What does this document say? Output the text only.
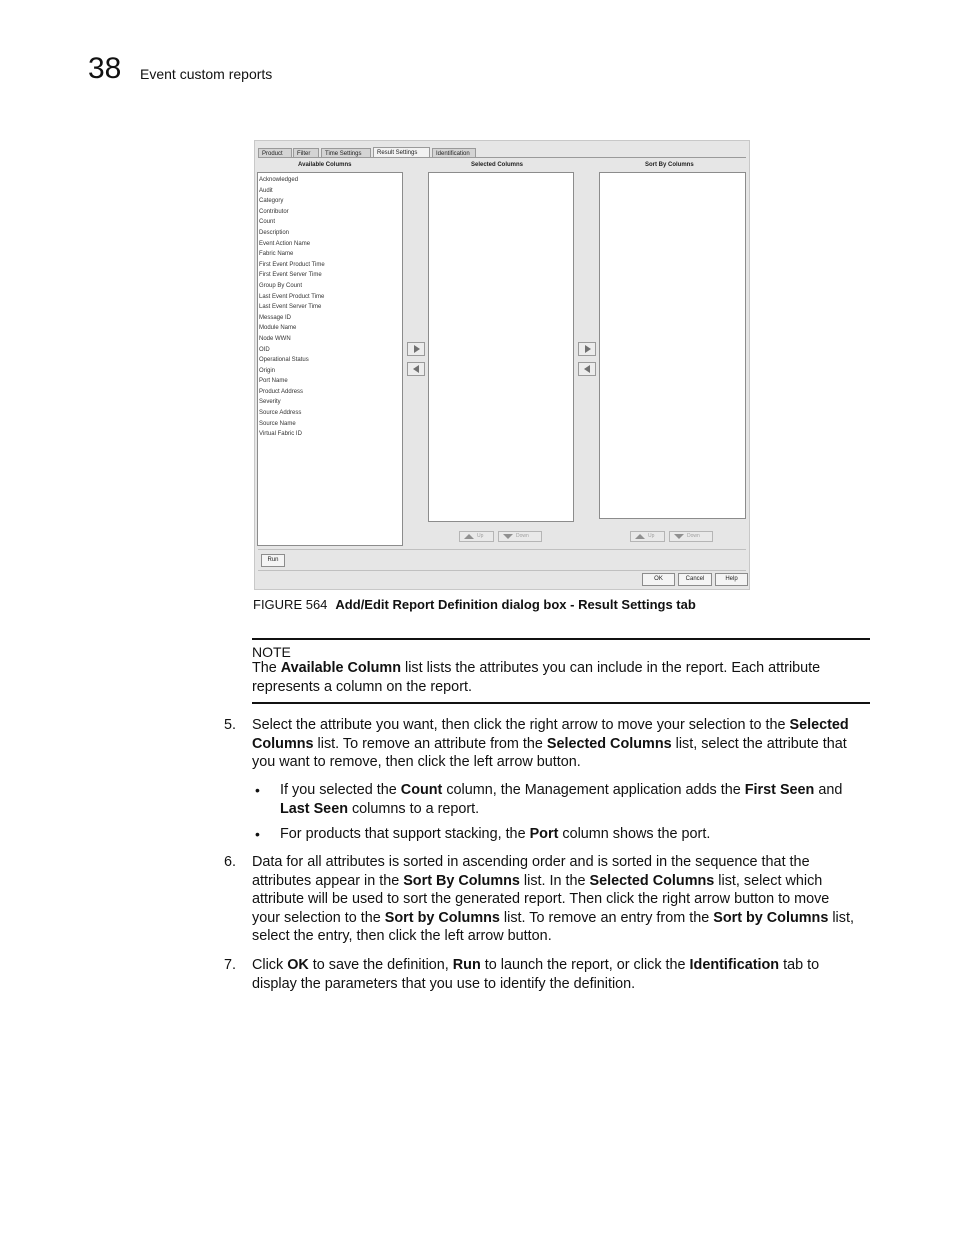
38 Event custom reports
Product	Filter	Time Settings	Result Settings	Identification
Available Columns	Selected Columns	Sort By Columns
Acknowledged
Audit
Category
Contributor
Count
Description
Event Action Name
Fabric Name
First Event Product Time
First Event Server Time
Group By Count
Last Event Product Time
Last Event Server Time
Message ID
Module Name
Node WWN
OID
Operational Status
Origin
Port Name
Product Address
Severity
Source Address
Source Name
Virtual Fabric ID
Up	Down	Up	Down
Run
OK	Cancel	Help
FIGURE 564 Add/Edit Report Definition dialog box - Result Settings tab
NOTE
The Available Column list lists the attributes you can include in the report. Each attribute
represents a column on the report.
5. Select the attribute you want, then click the right arrow to move your selection to the Selected
Columns list. To remove an attribute from the Selected Columns list, select the attribute that
you want to remove, then click the left arrow button.
• If you selected the Count column, the Management application adds the First Seen and
Last Seen columns to a report.
• For products that support stacking, the Port column shows the port.
6. Data for all attributes is sorted in ascending order and is sorted in the sequence that the
attributes appear in the Sort By Columns list. In the Selected Columns list, select which
attribute will be used to sort the generated report. Then click the right arrow button to move
your selection to the Sort by Columns list. To remove an entry from the Sort by Columns list,
select the entry, then click the left arrow button.
7. Click OK to save the definition, Run to launch the report, or click the Identification tab to
display the parameters that you use to identify the definition.
